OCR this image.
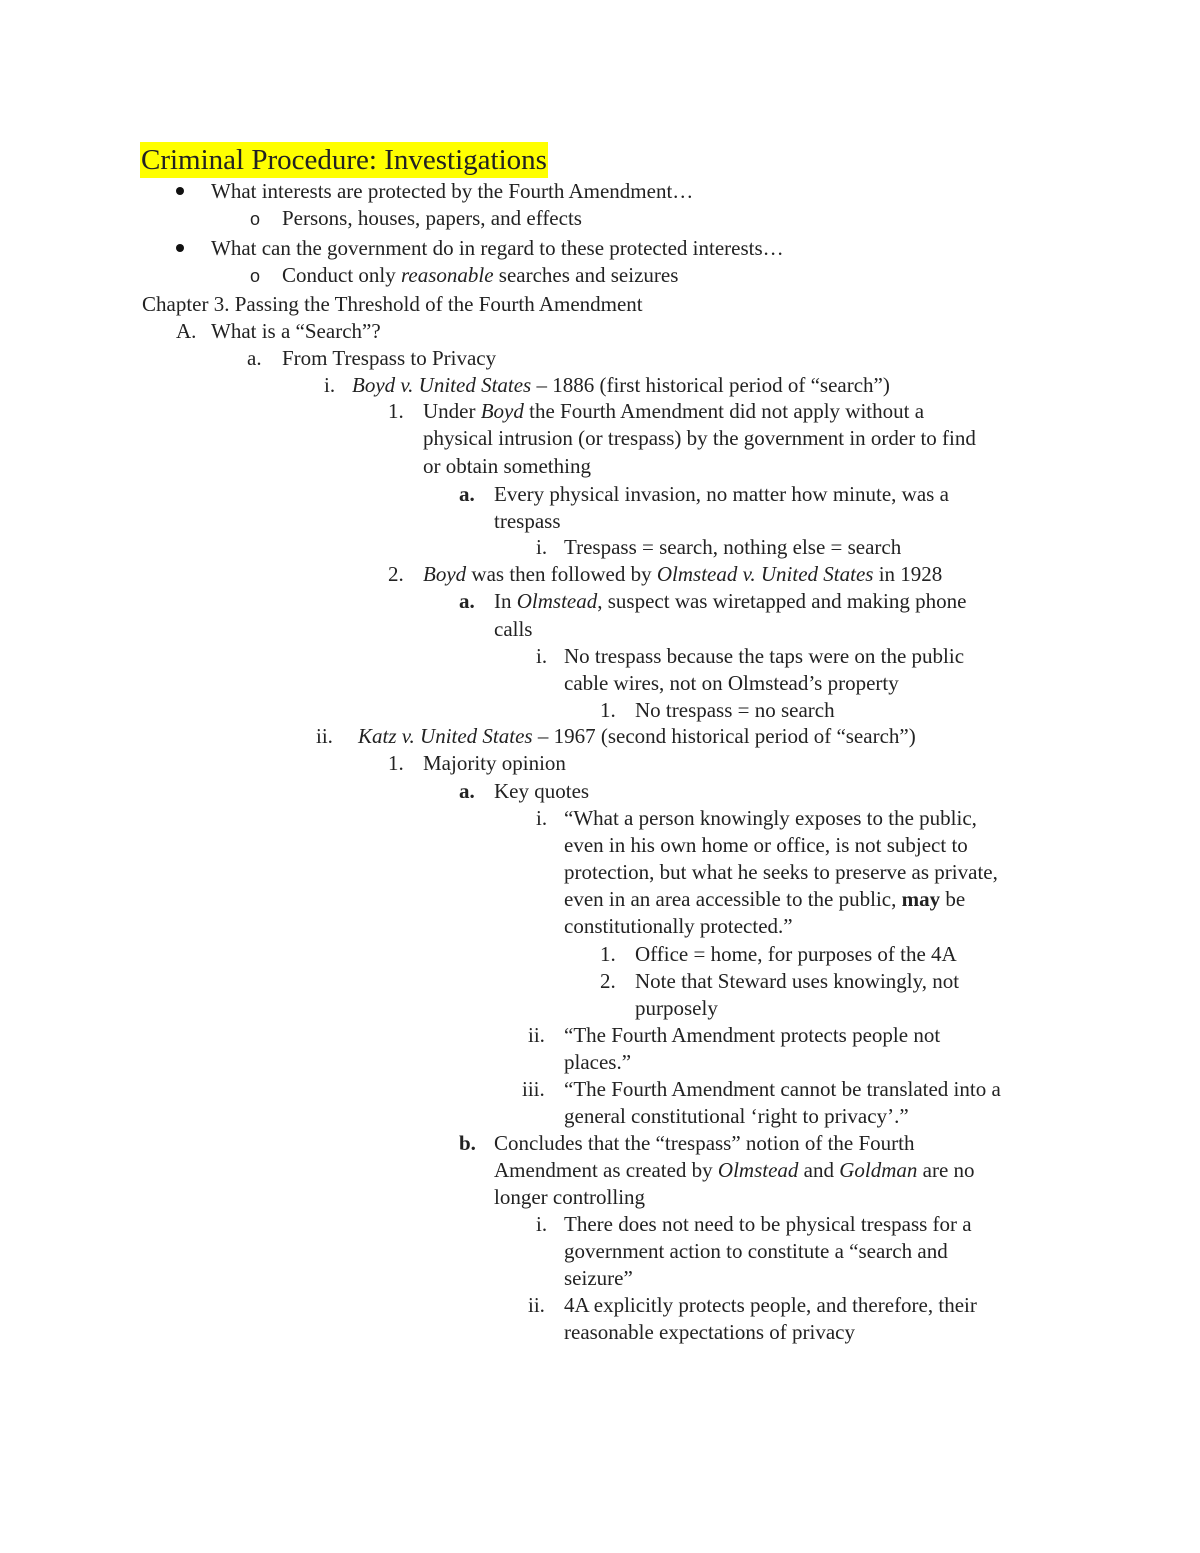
Criminal Procedure: Investigations
What interests are protected by the Fourth Amendment…
o Persons, houses, papers, and effects
What can the government do in regard to these protected interests…
o Conduct only reasonable searches and seizures
Chapter 3. Passing the Threshold of the Fourth Amendment
A. What is a “Search”?
a. From Trespass to Privacy
i. Boyd v. United States – 1886 (first historical period of “search”)
1. Under Boyd the Fourth Amendment did not apply without a
physical intrusion (or trespass) by the government in order to find
or obtain something
a. Every physical invasion, no matter how minute, was a
trespass
i. Trespass = search, nothing else = search
2. Boyd was then followed by Olmstead v. United States in 1928
a. In Olmstead, suspect was wiretapped and making phone
calls
i. No trespass because the taps were on the public
cable wires, not on Olmstead’s property
1. No trespass = no search
ii. Katz v. United States – 1967 (second historical period of “search”)
1. Majority opinion
a. Key quotes
i. “What a person knowingly exposes to the public,
even in his own home or office, is not subject to
protection, but what he seeks to preserve as private,
even in an area accessible to the public, may be
constitutionally protected.”
1. Office = home, for purposes of the 4A
2. Note that Steward uses knowingly, not
purposely
ii. “The Fourth Amendment protects people not
places.”
iii. “The Fourth Amendment cannot be translated into a
general constitutional ‘right to privacy’.”
b. Concludes that the “trespass” notion of the Fourth
Amendment as created by Olmstead and Goldman are no
longer controlling
i. There does not need to be physical trespass for a
government action to constitute a “search and
seizure”
ii. 4A explicitly protects people, and therefore, their
reasonable expectations of privacy
